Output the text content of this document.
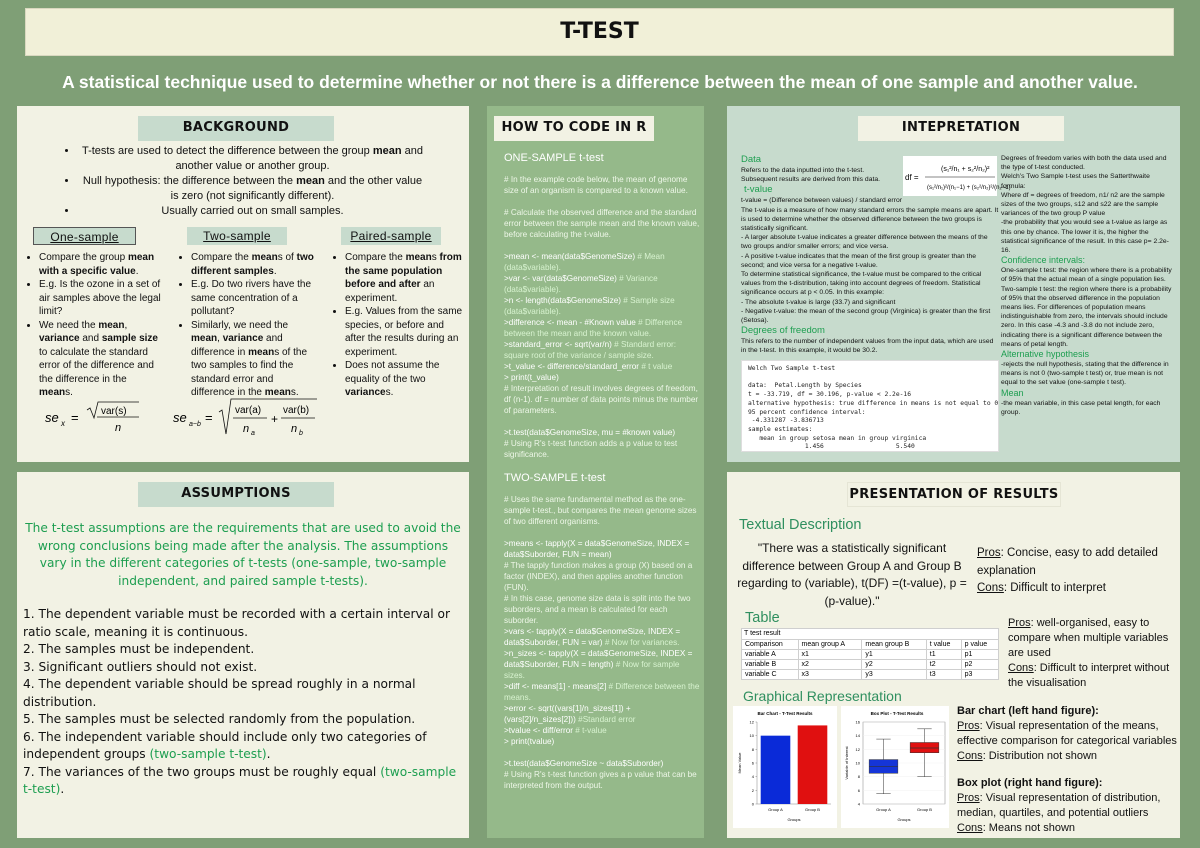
T-TEST
A statistical technique used to determine whether or not there is a difference between the mean of one sample and another value.
BACKGROUND
• T-tests are used to detect the difference between the group mean and another value or another group.
• Null hypothesis: the difference between the mean and the other value is zero (not significantly different).
• Usually carried out on small samples.
One-sample	Two-sample	Paired-sample
• Compare the group mean with a specific value.
• E.g. Is the ozone in a set of air samples above the legal limit?
• We need the mean, variance and sample size to calculate the standard error of the difference and the difference in the means.
• Compare the means of two different samples.
• E.g. Do two rivers have the same concentration of a pollutant?
• Similarly, we need the mean, variance and difference in means of the two samples to find the standard error and difference in the means.
• Compare the means from the same population before and after an experiment.
• E.g. Values from the same species, or before and after the results during an experiment.
• Does not assume the equality of the two variances.
se x = var(s)
n
se a−b = var(a)
n a
+
var(b)
n b
ASSUMPTIONS
The t-test assumptions are the requirements that are used to avoid the wrong conclusions being made after the analysis. The assumptions vary in the different categories of t-tests (one-sample, two-sample independent, and paired sample t-tests).
1. The dependent variable must be recorded with a certain interval or ratio scale, meaning it is continuous.
2. The samples must be independent.
3. Significant outliers should not exist.
4. The dependent variable should be spread roughly in a normal distribution.
5. The samples must be selected randomly from the population.
6. The independent variable should include only two categories of independent groups (two-sample t-test).
7. The variances of the two groups must be roughly equal (two-sample t-test).
HOW TO CODE IN R
ONE-SAMPLE t-test
# In the example code below, the mean of genome size of an organism is compared to a known value.

# Calculate the observed difference and the standard error between the sample mean and the known value, before calculating the t-value.

>mean <- mean(data$GenomeSize) # Mean (data$variable).
>var <- var(data$GenomeSize) # Variance (data$variable).
>n <- length(data$GenomeSize) # Sample size (data$variable).
>difference <- mean - #Known value # Difference between the mean and the known value.
>standard_error <- sqrt(var/n) # Standard error: square root of the variance / sample size.
>t_value <- difference/standard_error # t value
> print(t_value)
# Interpretation of result involves degrees of freedom, df (n-1). df = number of data points minus the number of parameters.

>t.test(data$GenomeSize, mu = #known value)
# Using R's t-test function adds a p value to test significance.
TWO-SAMPLE t-test
# Uses the same fundamental method as the one-sample t-test., but compares the mean genome sizes of two different organisms.

>means <- tapply(X = data$GenomeSize, INDEX = data$Suborder, FUN = mean)
# The tapply function makes a group (X) based on a factor (INDEX), and then applies another function (FUN).
# In this case, genome size data is split into the two suborders, and a mean is calculated for each suborder.
>vars <- tapply(X = data$GenomeSize, INDEX = data$Suborder, FUN = var) # Now for variances.
>n_sizes <- tapply(X = data$GenomeSize, INDEX = data$Suborder, FUN = length) # Now for sample sizes.
>diff <- means[1] - means[2] # Difference between the means.
>error <- sqrt((vars[1]/n_sizes[1]) + (vars[2]/n_sizes[2])) #Standard error
>tvalue <- diff/error # t-value
> print(tvalue)

>t.test(data$GenomeSize ~ data$Suborder)
# Using R's t-test function gives a p value that can be interpreted from the output.
INTEPRETATION
Data
Refers to the data inputted into the t-test. Subsequent results are derived from this data.
t-value
t-value = (Difference between values) / standard error
The t-value is a measure of how many standard errors the sample means are apart. It is used to determine whether the observed difference between the two groups is statistically significant.
- A larger absolute t-value indicates a greater difference between the means of the two groups and/or smaller errors; and vice versa.
- A positive t-value indicates that the mean of the first group is greater than the second; and vice versa for a negative t-value.
To determine statistical significance, the t-value must be compared to the critical values from the t-distribution, taking into account degrees of freedom. Statistical significance occurs at p < 0.05. In this example:
- The absolute t-value is large (33.7) and significant
- Negative t-value: the mean of the second group (Virginica) is greater than the first (Setosa).
Degrees of freedom
This refers to the number of independent values from the input data, which are used in the t-test. In this example, it would be 30.2.
df =
(s₁²/n₁ + s₂²/n₂)²
(s₁²/n₁)²/(n₁−1) + (s₂²/n₂)²/(n₂−1)
Welch Two Sample t-test

data:  Petal.Length by Species
t = -33.719, df = 30.196, p-value < 2.2e-16
alternative hypothesis: true difference in means is not equal to 0
95 percent confidence interval:
-4.331287 -3.836713
sample estimates:
mean in group setosa mean in group virginica
1.456                   5.540
Degrees of freedom varies with both the data used and the type of t-test conducted.
Welch’s Two Sample t-test uses the Satterthwaite formula:
Where df = degrees of freedom, n1/ n2 are the sample sizes of the two groups, s12 and s22 are the sample variances of the two group P value
-the probability that you would see a t-value as large as this one by chance. The lower it is, the higher the statistical significance of the result. In this case p= 2.2e-16.
Confidence intervals:
One-sample t test: the region where there is a probability of 95% that the actual mean of a single population lies.
Two-sample t test: the region where there is a probability of 95% that the observed difference in the population means lies. For differences of population means indistinguishable from zero, the intervals should include zero. In this case -4.3 and -3.8 do not include zero, indicating there is a significant difference between the means of petal length.
Alternative hypothesis
-rejects the null hypothesis, stating that the difference in means is not 0 (two-sample t test) or, true mean is not equal to the set value (one-sample t test).
Mean
-the mean variable, in this case petal length, for each group.
PRESENTATION OF RESULTS
Textual Description
"There was a statistically significant difference between Group A and Group B regarding to (variable), t(DF) =(t-value), p = (p-value)."
Pros: Concise, easy to add detailed explanation
Cons: Difficult to interpret
Table
T test result
Comparison	mean group A	mean group B	t value	p value
variable A	x1	y1	t1	p1
variable B	x2	y2	t2	p2
variable C	x3	y3	t3	p3
Pros: well-organised, easy to compare when multiple variables are used
Cons: Difficult to interpret without the visualisation
Graphical Representation
Bar Chart - T-Test Results
0
2
4
6
8
10
12
Group A	Group B
Groups
Mean Value
Box Plot - T-Test Results
4
6
8
10
12
14
16
Group A	Group B
Groups
Variable of Interest
Bar chart (left hand figure):
Pros: Visual representation of the means, effective comparison for categorical variables
Cons: Distribution not shown
Box plot (right hand figure):
Pros: Visual representation of distribution, median, quartiles, and potential outliers
Cons: Means not shown
